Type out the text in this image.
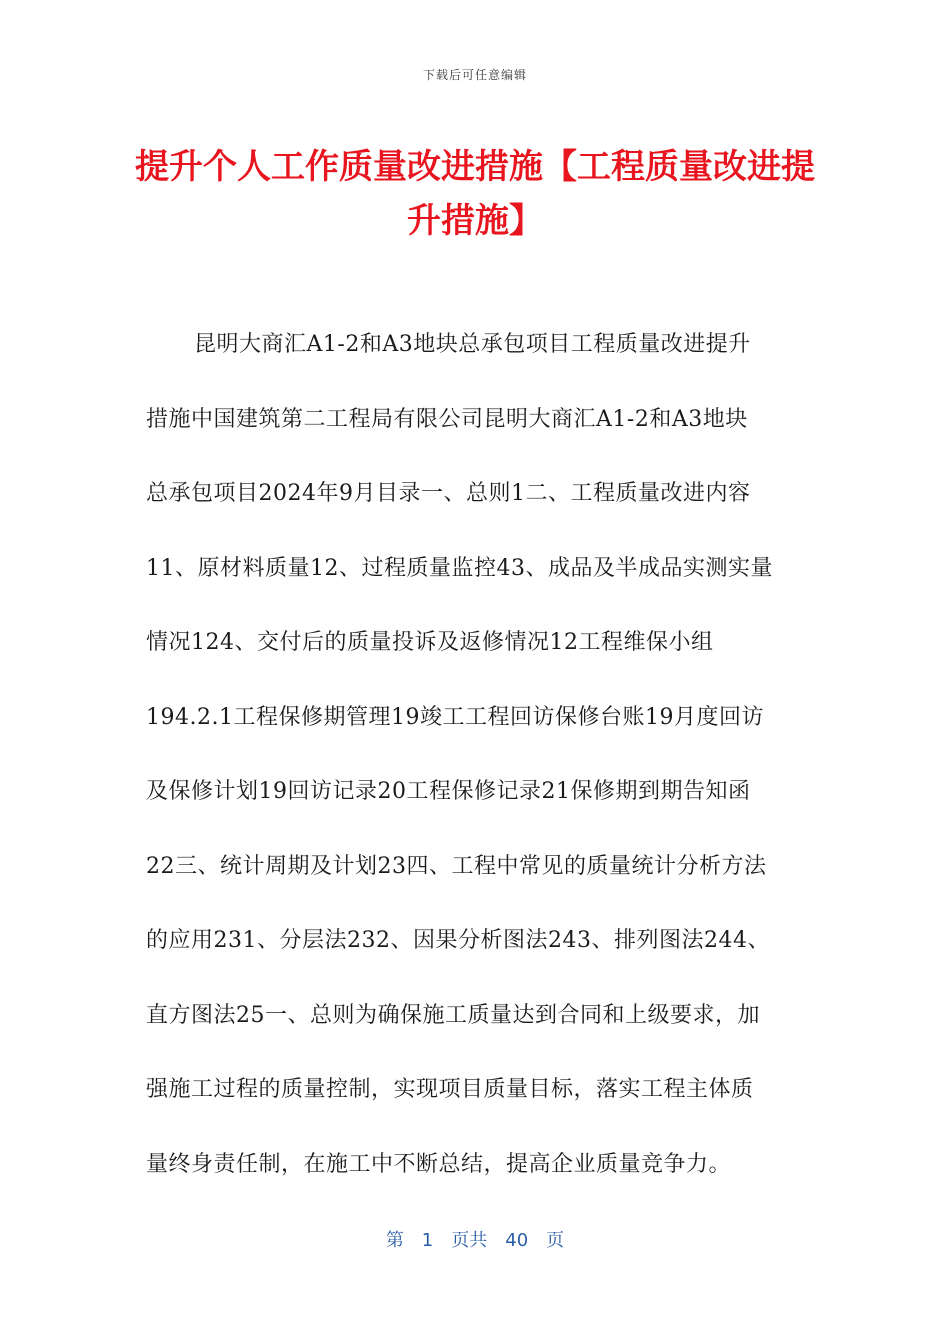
下载后可任意编辑
提升个人工作质量改进措施【工程质量改进提升措施】
昆明大商汇A1-2和A3地块总承包项目工程质量改进提升
措施中国建筑第二工程局有限公司昆明大商汇A1-2和A3地块
总承包项目2024年9月目录一、总则1二、工程质量改进内容
11、原材料质量12、过程质量监控43、成品及半成品实测实量
情况124、交付后的质量投诉及返修情况12工程维保小组
194.2.1工程保修期管理19竣工工程回访保修台账19月度回访
及保修计划19回访记录20工程保修记录21保修期到期告知函
22三、统计周期及计划23四、工程中常见的质量统计分析方法
的应用231、分层法232、因果分析图法243、排列图法244、
直方图法25一、总则为确保施工质量达到合同和上级要求，加
强施工过程的质量控制，实现项目质量目标，落实工程主体质
量终身责任制，在施工中不断总结，提高企业质量竞争力。
第　1　页共　40　页
